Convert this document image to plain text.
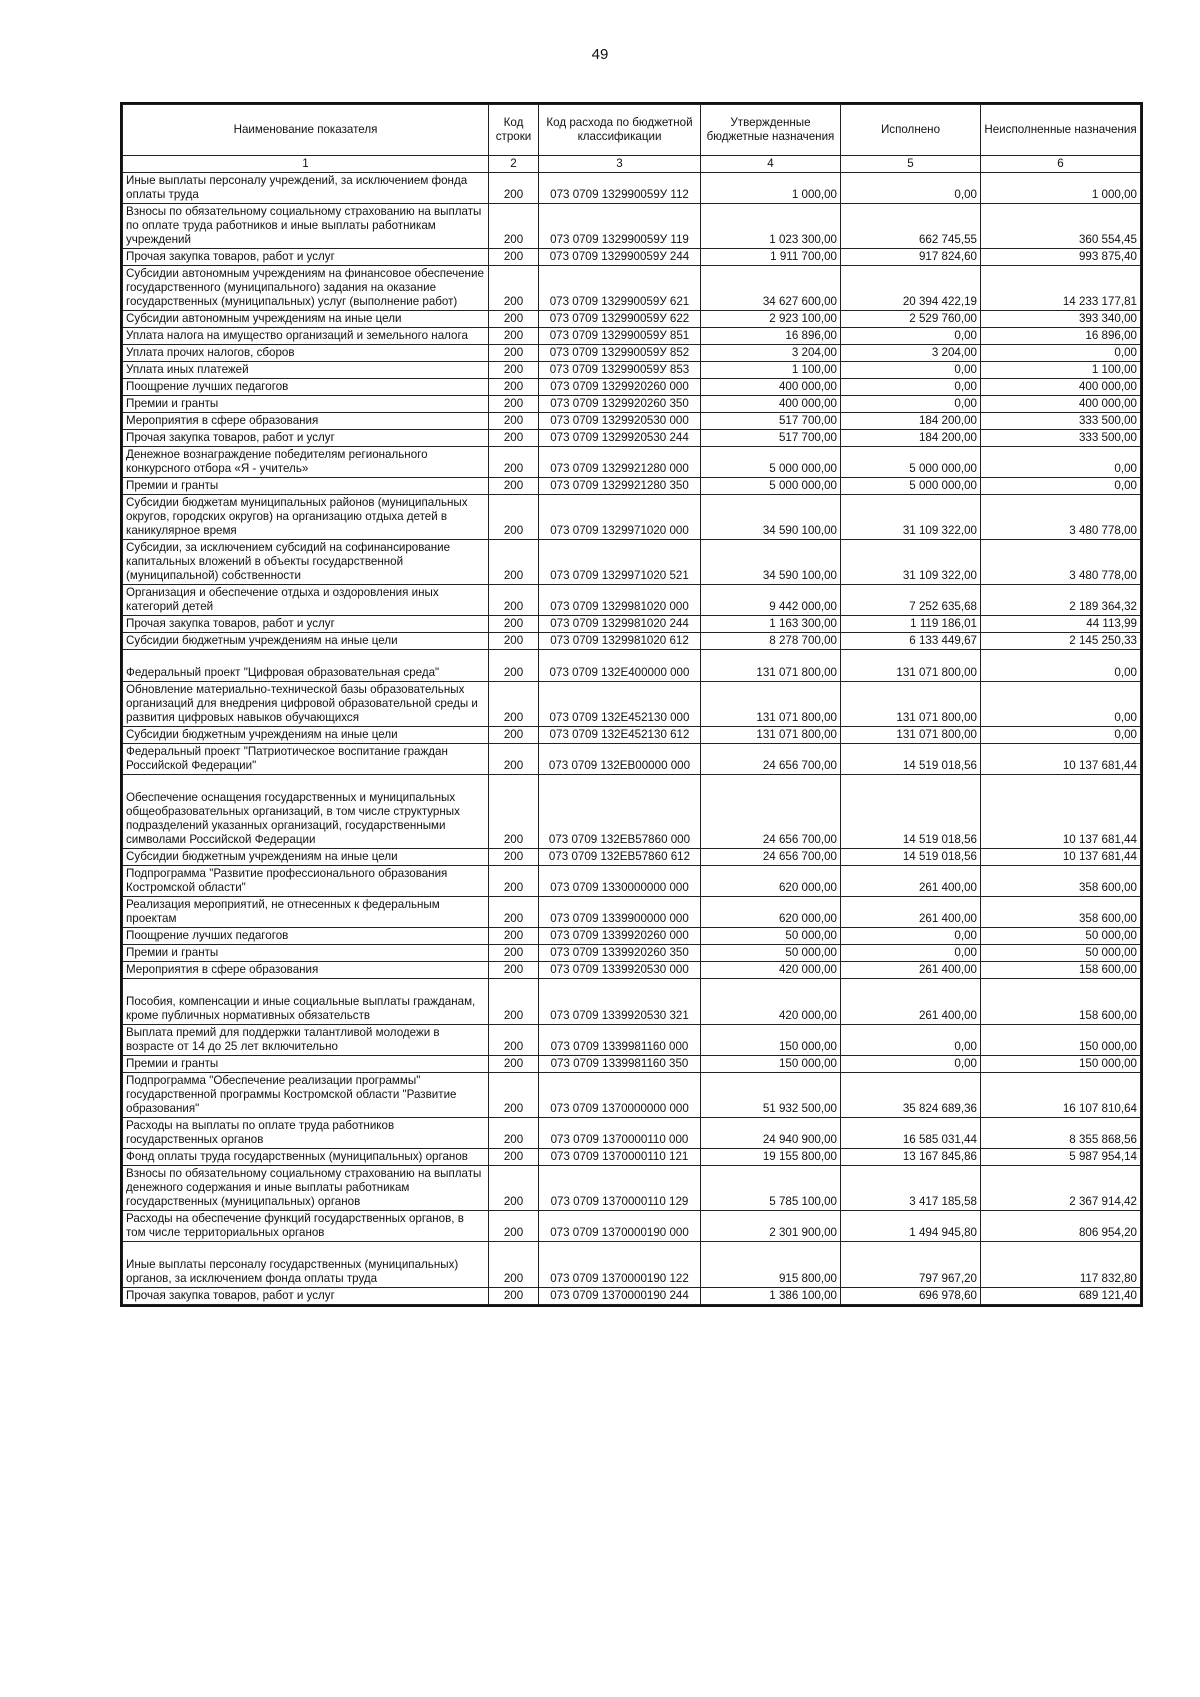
49
Наименование показателя	Код строки	Код расхода по бюджетной классификации	Утвержденные бюджетные назначения	Исполнено	Неисполненные назначения
1	2	3	4	5	6
Иные выплаты персоналу учреждений, за исключением фонда оплаты труда	200	073 0709 132990059У 112	1 000,00	0,00	1 000,00
Взносы по обязательному социальному страхованию на выплаты по оплате труда работников и иные выплаты работникам учреждений	200	073 0709 132990059У 119	1 023 300,00	662 745,55	360 554,45
Прочая закупка товаров, работ и услуг	200	073 0709 132990059У 244	1 911 700,00	917 824,60	993 875,40
Субсидии автономным учреждениям на финансовое обеспечение государственного (муниципального) задания на оказание государственных (муниципальных) услуг (выполнение работ)	200	073 0709 132990059У 621	34 627 600,00	20 394 422,19	14 233 177,81
Субсидии автономным учреждениям на иные цели	200	073 0709 132990059У 622	2 923 100,00	2 529 760,00	393 340,00
Уплата налога на имущество организаций и земельного налога	200	073 0709 132990059У 851	16 896,00	0,00	16 896,00
Уплата прочих налогов, сборов	200	073 0709 132990059У 852	3 204,00	3 204,00	0,00
Уплата иных платежей	200	073 0709 132990059У 853	1 100,00	0,00	1 100,00
Поощрение лучших педагогов	200	073 0709 1329920260 000	400 000,00	0,00	400 000,00
Премии и гранты	200	073 0709 1329920260 350	400 000,00	0,00	400 000,00
Мероприятия в сфере образования	200	073 0709 1329920530 000	517 700,00	184 200,00	333 500,00
Прочая закупка товаров, работ и услуг	200	073 0709 1329920530 244	517 700,00	184 200,00	333 500,00
Денежное вознаграждение победителям регионального конкурсного отбора «Я - учитель»	200	073 0709 1329921280 000	5 000 000,00	5 000 000,00	0,00
Премии и гранты	200	073 0709 1329921280 350	5 000 000,00	5 000 000,00	0,00
Субсидии бюджетам муниципальных районов (муниципальных округов, городских округов) на организацию отдыха детей в каникулярное время	200	073 0709 1329971020 000	34 590 100,00	31 109 322,00	3 480 778,00
Субсидии, за исключением субсидий на софинансирование капитальных вложений в объекты государственной (муниципальной) собственности	200	073 0709 1329971020 521	34 590 100,00	31 109 322,00	3 480 778,00
Организация и обеспечение отдыха и оздоровления иных категорий детей	200	073 0709 1329981020 000	9 442 000,00	7 252 635,68	2 189 364,32
Прочая закупка товаров, работ и услуг	200	073 0709 1329981020 244	1 163 300,00	1 119 186,01	44 113,99
Субсидии бюджетным учреждениям на иные цели	200	073 0709 1329981020 612	8 278 700,00	6 133 449,67	2 145 250,33
Федеральный проект "Цифровая образовательная среда"	200	073 0709 132E400000 000	131 071 800,00	131 071 800,00	0,00
Обновление материально-технической базы образовательных организаций для внедрения цифровой образовательной среды и развития цифровых навыков обучающихся	200	073 0709 132E452130 000	131 071 800,00	131 071 800,00	0,00
Субсидии бюджетным учреждениям на иные цели	200	073 0709 132E452130 612	131 071 800,00	131 071 800,00	0,00
Федеральный проект "Патриотическое воспитание граждан Российской Федерации"	200	073 0709 132EB00000 000	24 656 700,00	14 519 018,56	10 137 681,44
Обеспечение оснащения государственных и муниципальных общеобразовательных организаций, в том числе структурных подразделений указанных организаций, государственными символами Российской Федерации	200	073 0709 132EB57860 000	24 656 700,00	14 519 018,56	10 137 681,44
Субсидии бюджетным учреждениям на иные цели	200	073 0709 132EB57860 612	24 656 700,00	14 519 018,56	10 137 681,44
Подпрограмма "Развитие профессионального образования Костромской области"	200	073 0709 1330000000 000	620 000,00	261 400,00	358 600,00
Реализация мероприятий, не отнесенных к федеральным проектам	200	073 0709 1339900000 000	620 000,00	261 400,00	358 600,00
Поощрение лучших педагогов	200	073 0709 1339920260 000	50 000,00	0,00	50 000,00
Премии и гранты	200	073 0709 1339920260 350	50 000,00	0,00	50 000,00
Мероприятия в сфере образования	200	073 0709 1339920530 000	420 000,00	261 400,00	158 600,00
Пособия, компенсации и иные социальные выплаты гражданам, кроме публичных нормативных обязательств	200	073 0709 1339920530 321	420 000,00	261 400,00	158 600,00
Выплата премий для поддержки талантливой молодежи в возрасте от 14 до 25 лет включительно	200	073 0709 1339981160 000	150 000,00	0,00	150 000,00
Премии и гранты	200	073 0709 1339981160 350	150 000,00	0,00	150 000,00
Подпрограмма "Обеспечение реализации программы" государственной программы Костромской области "Развитие образования"	200	073 0709 1370000000 000	51 932 500,00	35 824 689,36	16 107 810,64
Расходы на выплаты по оплате труда работников государственных органов	200	073 0709 1370000110 000	24 940 900,00	16 585 031,44	8 355 868,56
Фонд оплаты труда государственных (муниципальных) органов	200	073 0709 1370000110 121	19 155 800,00	13 167 845,86	5 987 954,14
Взносы по обязательному социальному страхованию на выплаты денежного содержания и иные выплаты работникам государственных (муниципальных) органов	200	073 0709 1370000110 129	5 785 100,00	3 417 185,58	2 367 914,42
Расходы на обеспечение функций государственных органов, в том числе территориальных органов	200	073 0709 1370000190 000	2 301 900,00	1 494 945,80	806 954,20
Иные выплаты персоналу государственных (муниципальных) органов, за исключением фонда оплаты труда	200	073 0709 1370000190 122	915 800,00	797 967,20	117 832,80
Прочая закупка товаров, работ и услуг	200	073 0709 1370000190 244	1 386 100,00	696 978,60	689 121,40
